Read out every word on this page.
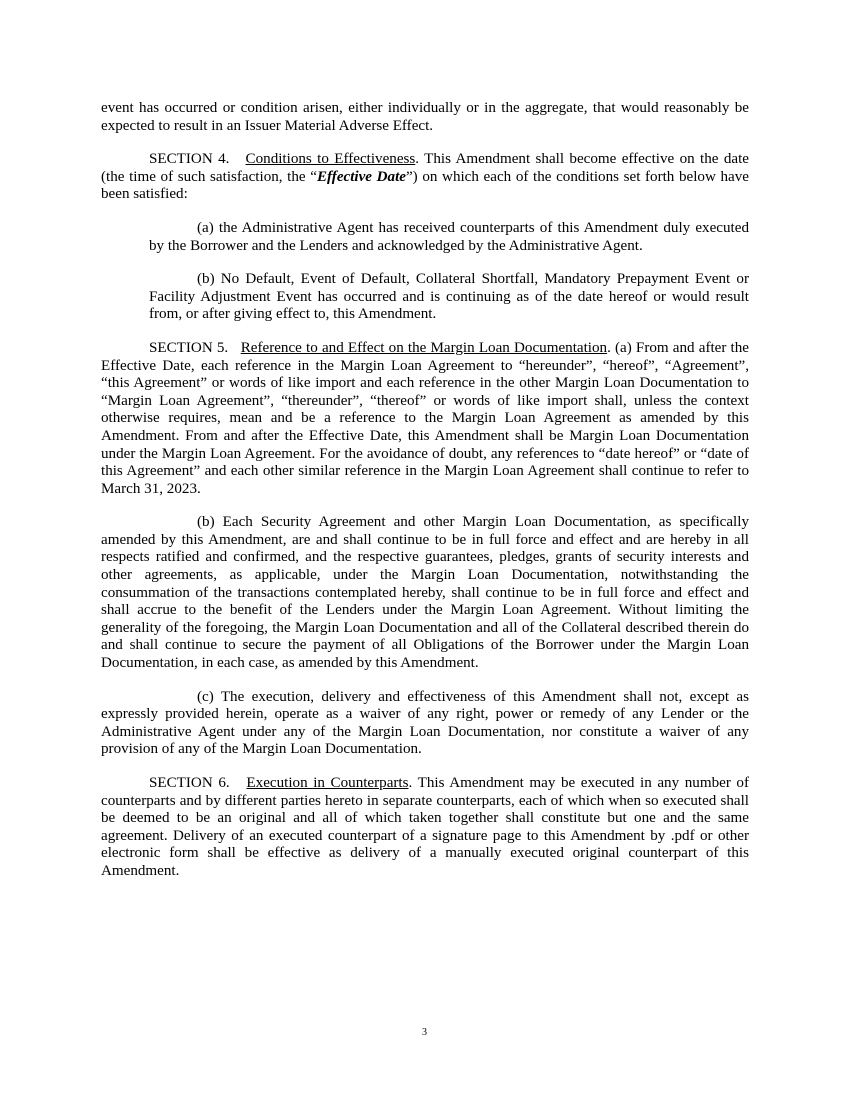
event has occurred or condition arisen, either individually or in the aggregate, that would reasonably be expected to result in an Issuer Material Adverse Effect.

SECTION 4. Conditions to Effectiveness. This Amendment shall become effective on the date (the time of such satisfaction, the “Effective Date”) on which each of the conditions set forth below have been satisfied:

(a) the Administrative Agent has received counterparts of this Amendment duly executed by the Borrower and the Lenders and acknowledged by the Administrative Agent.

(b) No Default, Event of Default, Collateral Shortfall, Mandatory Prepayment Event or Facility Adjustment Event has occurred and is continuing as of the date hereof or would result from, or after giving effect to, this Amendment.

SECTION 5. Reference to and Effect on the Margin Loan Documentation. (a) From and after the Effective Date, each reference in the Margin Loan Agreement to “hereunder”, “hereof”, “Agreement”, “this Agreement” or words of like import and each reference in the other Margin Loan Documentation to “Margin Loan Agreement”, “thereunder”, “thereof” or words of like import shall, unless the context otherwise requires, mean and be a reference to the Margin Loan Agreement as amended by this Amendment. From and after the Effective Date, this Amendment shall be Margin Loan Documentation under the Margin Loan Agreement. For the avoidance of doubt, any references to “date hereof” or “date of this Agreement” and each other similar reference in the Margin Loan Agreement shall continue to refer to March 31, 2023.

(b) Each Security Agreement and other Margin Loan Documentation, as specifically amended by this Amendment, are and shall continue to be in full force and effect and are hereby in all respects ratified and confirmed, and the respective guarantees, pledges, grants of security interests and other agreements, as applicable, under the Margin Loan Documentation, notwithstanding the consummation of the transactions contemplated hereby, shall continue to be in full force and effect and shall accrue to the benefit of the Lenders under the Margin Loan Agreement. Without limiting the generality of the foregoing, the Margin Loan Documentation and all of the Collateral described therein do and shall continue to secure the payment of all Obligations of the Borrower under the Margin Loan Documentation, in each case, as amended by this Amendment.

(c) The execution, delivery and effectiveness of this Amendment shall not, except as expressly provided herein, operate as a waiver of any right, power or remedy of any Lender or the Administrative Agent under any of the Margin Loan Documentation, nor constitute a waiver of any provision of any of the Margin Loan Documentation.

SECTION 6. Execution in Counterparts. This Amendment may be executed in any number of counterparts and by different parties hereto in separate counterparts, each of which when so executed shall be deemed to be an original and all of which taken together shall constitute but one and the same agreement. Delivery of an executed counterpart of a signature page to this Amendment by .pdf or other electronic form shall be effective as delivery of a manually executed original counterpart of this Amendment.

3
